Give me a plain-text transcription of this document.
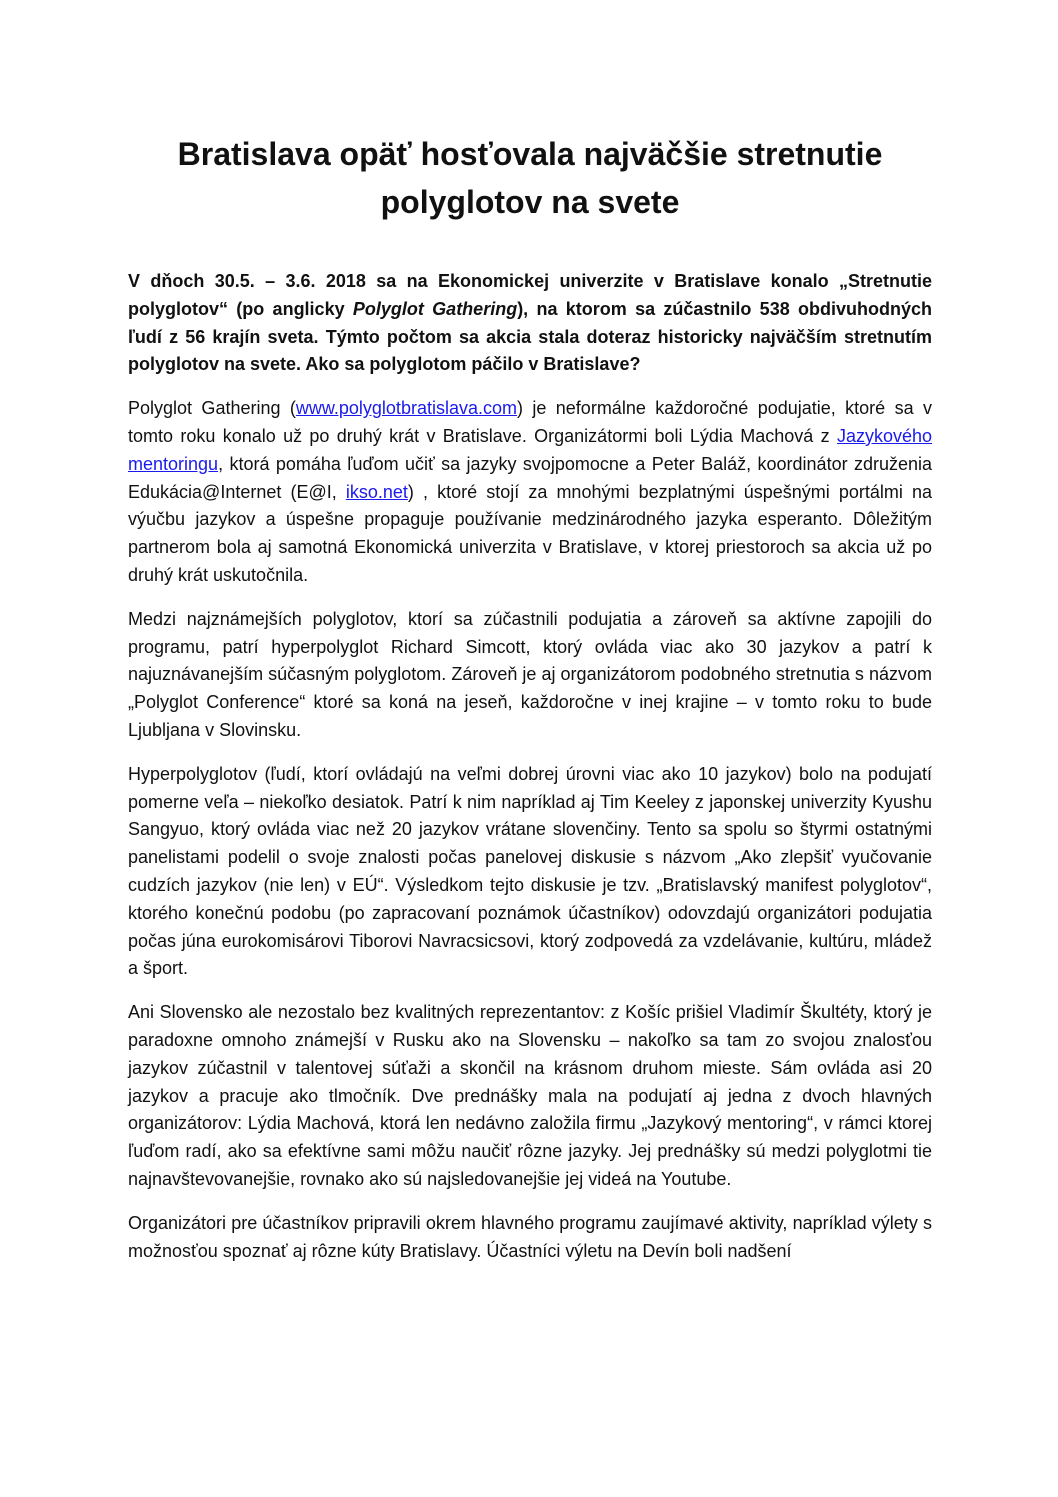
Bratislava opäť hosťovala najväčšie stretnutie
polyglotov na svete

V dňoch 30.5. – 3.6. 2018 sa na Ekonomickej univerzite v Bratislave konalo „Stretnutie polyglotov“ (po anglicky Polyglot Gathering), na ktorom sa zúčastnilo 538 obdivuhodných ľudí z 56 krajín sveta. Týmto počtom sa akcia stala doteraz historicky najväčším stretnutím polyglotov na svete. Ako sa polyglotom páčilo v Bratislave?

Polyglot Gathering (www.polyglotbratislava.com) je neformálne každoročné podujatie, ktoré sa v tomto roku konalo už po druhý krát v Bratislave. Organizátormi boli Lýdia Machová z Jazykového mentoringu, ktorá pomáha ľuďom učiť sa jazyky svojpomocne a Peter Baláž, koordinátor združenia Edukácia@Internet (E@I, ikso.net) , ktoré stojí za mnohými bezplatnými úspešnými portálmi na výučbu jazykov a úspešne propaguje používanie medzinárodného jazyka esperanto. Dôležitým partnerom bola aj samotná Ekonomická univerzita v Bratislave, v ktorej priestoroch sa akcia už po druhý krát uskutočnila.

Medzi najznámejších polyglotov, ktorí sa zúčastnili podujatia a zároveň sa aktívne zapojili do programu, patrí hyperpolyglot Richard Simcott, ktorý ovláda viac ako 30 jazykov a patrí k najuznávanejším súčasným polyglotom. Zároveň je aj organizátorom podobného stretnutia s názvom „Polyglot Conference“ ktoré sa koná na jeseň, každoročne v inej krajine – v tomto roku to bude Ljubljana v Slovinsku.

Hyperpolyglotov (ľudí, ktorí ovládajú na veľmi dobrej úrovni viac ako 10 jazykov) bolo na podujatí pomerne veľa – niekoľko desiatok. Patrí k nim napríklad aj Tim Keeley z japonskej univerzity Kyushu Sangyuo, ktorý ovláda viac než 20 jazykov vrátane slovenčiny. Tento sa spolu so štyrmi ostatnými panelistami podelil o svoje znalosti počas panelovej diskusie s názvom „Ako zlepšiť vyučovanie cudzích jazykov (nie len) v EÚ“. Výsledkom tejto diskusie je tzv. „Bratislavský manifest polyglotov“, ktorého konečnú podobu (po zapracovaní poznámok účastníkov) odovzdajú organizátori podujatia počas júna eurokomisárovi Tiborovi Navracsicsovi, ktorý zodpovedá za vzdelávanie, kultúru, mládež a šport.

Ani Slovensko ale nezostalo bez kvalitných reprezentantov: z Košíc prišiel Vladimír Škultéty, ktorý je paradoxne omnoho známejší v Rusku ako na Slovensku – nakoľko sa tam zo svojou znalosťou jazykov zúčastnil v talentovej súťaži a skončil na krásnom druhom mieste. Sám ovláda asi 20 jazykov a pracuje ako tlmočník. Dve prednášky mala na podujatí aj jedna z dvoch hlavných organizátorov: Lýdia Machová, ktorá len nedávno založila firmu „Jazykový mentoring“, v rámci ktorej ľuďom radí, ako sa efektívne sami môžu naučiť rôzne jazyky. Jej prednášky sú medzi polyglotmi tie najnavštevovanejšie, rovnako ako sú najsledovanejšie jej videá na Youtube.

Organizátori pre účastníkov pripravili okrem hlavného programu zaujímavé aktivity, napríklad výlety s možnosťou spoznať aj rôzne kúty Bratislavy. Účastníci výletu na Devín boli nadšení
